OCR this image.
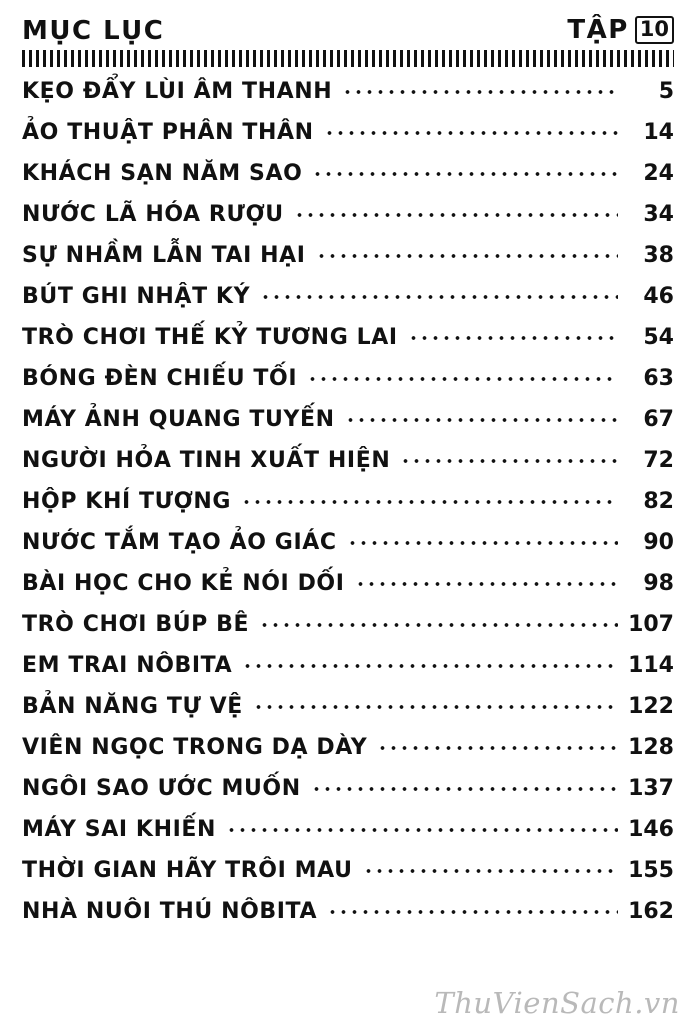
MỤC LỤC	TẬP 10
KẸO ĐẨY LÙI ÂM THANH	5
ẢO THUẬT PHÂN THÂN	14
KHÁCH SẠN NĂM SAO	24
NƯỚC LÃ HÓA RƯỢU	34
SỰ NHẦM LẪN TAI HẠI	38
BÚT GHI NHẬT KÝ	46
TRÒ CHƠI THẾ KỶ TƯƠNG LAI	54
BÓNG ĐÈN CHIẾU TỐI	63
MÁY ẢNH QUANG TUYẾN	67
NGƯỜI HỎA TINH XUẤT HIỆN	72
HỘP KHÍ TƯỢNG	82
NƯỚC TẮM TẠO ẢO GIÁC	90
BÀI HỌC CHO KẺ NÓI DỐI	98
TRÒ CHƠI BÚP BÊ	107
EM TRAI NÔBITA	114
BẢN NĂNG TỰ VỆ	122
VIÊN NGỌC TRONG DẠ DÀY	128
NGÔI SAO ƯỚC MUỐN	137
MÁY SAI KHIẾN	146
THỜI GIAN HÃY TRÔI MAU	155
NHÀ NUÔI THÚ NÔBITA	162
ThuVienSach.vn
